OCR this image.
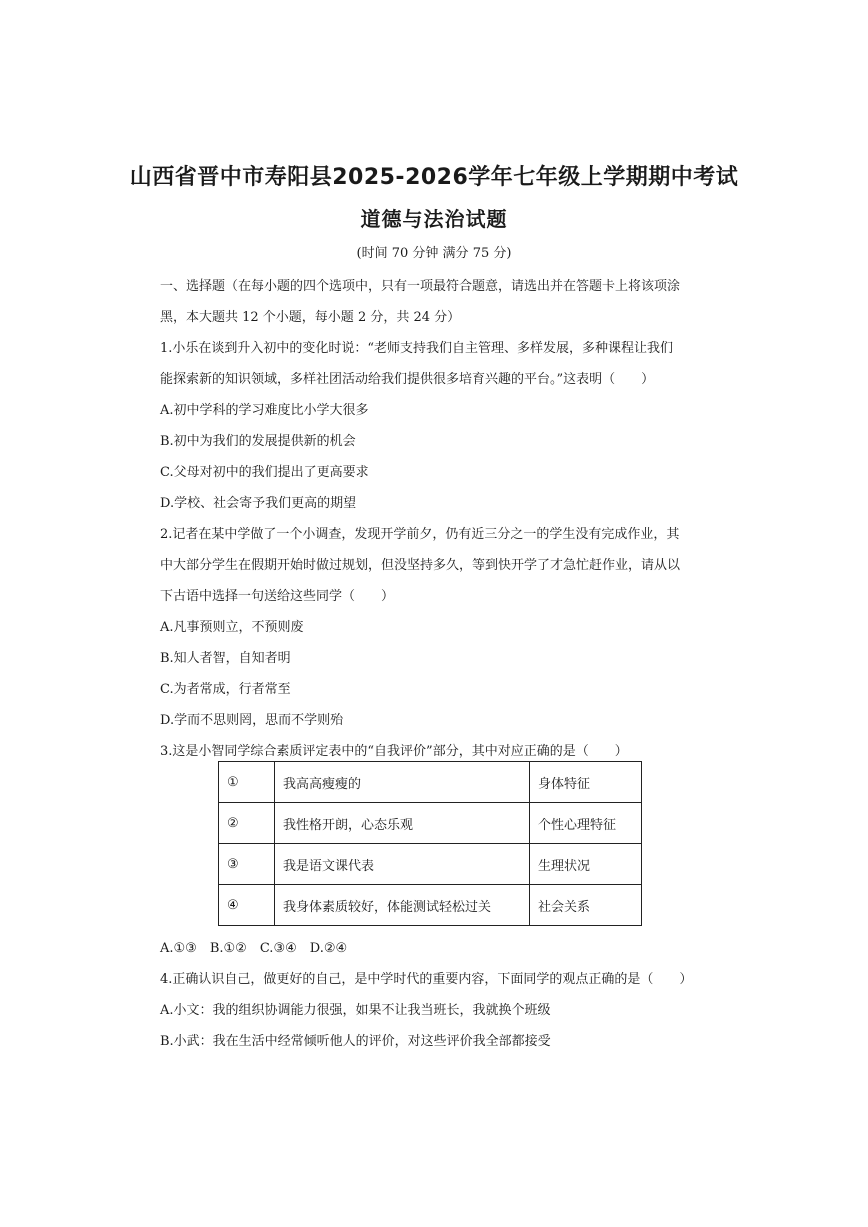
山西省晋中市寿阳县2025-2026学年七年级上学期期中考试
道德与法治试题
(时间 70 分钟 满分 75 分)
一、选择题（在每小题的四个选项中，只有一项最符合题意，请选出并在答题卡上将该项涂
黑，本大题共 12 个小题，每小题 2 分，共 24 分）
1.小乐在谈到升入初中的变化时说：“老师支持我们自主管理、多样发展，多种课程让我们
能探索新的知识领域，多样社团活动给我们提供很多培育兴趣的平台。”这表明（　　）
A.初中学科的学习难度比小学大很多
B.初中为我们的发展提供新的机会
C.父母对初中的我们提出了更高要求
D.学校、社会寄予我们更高的期望
2.记者在某中学做了一个小调查，发现开学前夕，仍有近三分之一的学生没有完成作业，其
中大部分学生在假期开始时做过规划，但没坚持多久，等到快开学了才急忙赶作业，请从以
下古语中选择一句送给这些同学（　　）
A.凡事预则立，不预则废
B.知人者智，自知者明
C.为者常成，行者常至
D.学而不思则罔，思而不学则殆
3.这是小智同学综合素质评定表中的“自我评价”部分，其中对应正确的是（　　）
①	我高高瘦瘦的	身体特征
②	我性格开朗，心态乐观	个性心理特征
③	我是语文课代表	生理状况
④	我身体素质较好，体能测试轻松过关	社会关系
A.①③　B.①②　C.③④　D.②④
4.正确认识自己，做更好的自己，是中学时代的重要内容，下面同学的观点正确的是（　　）
A.小文：我的组织协调能力很强，如果不让我当班长，我就换个班级
B.小武：我在生活中经常倾听他人的评价，对这些评价我全部都接受
